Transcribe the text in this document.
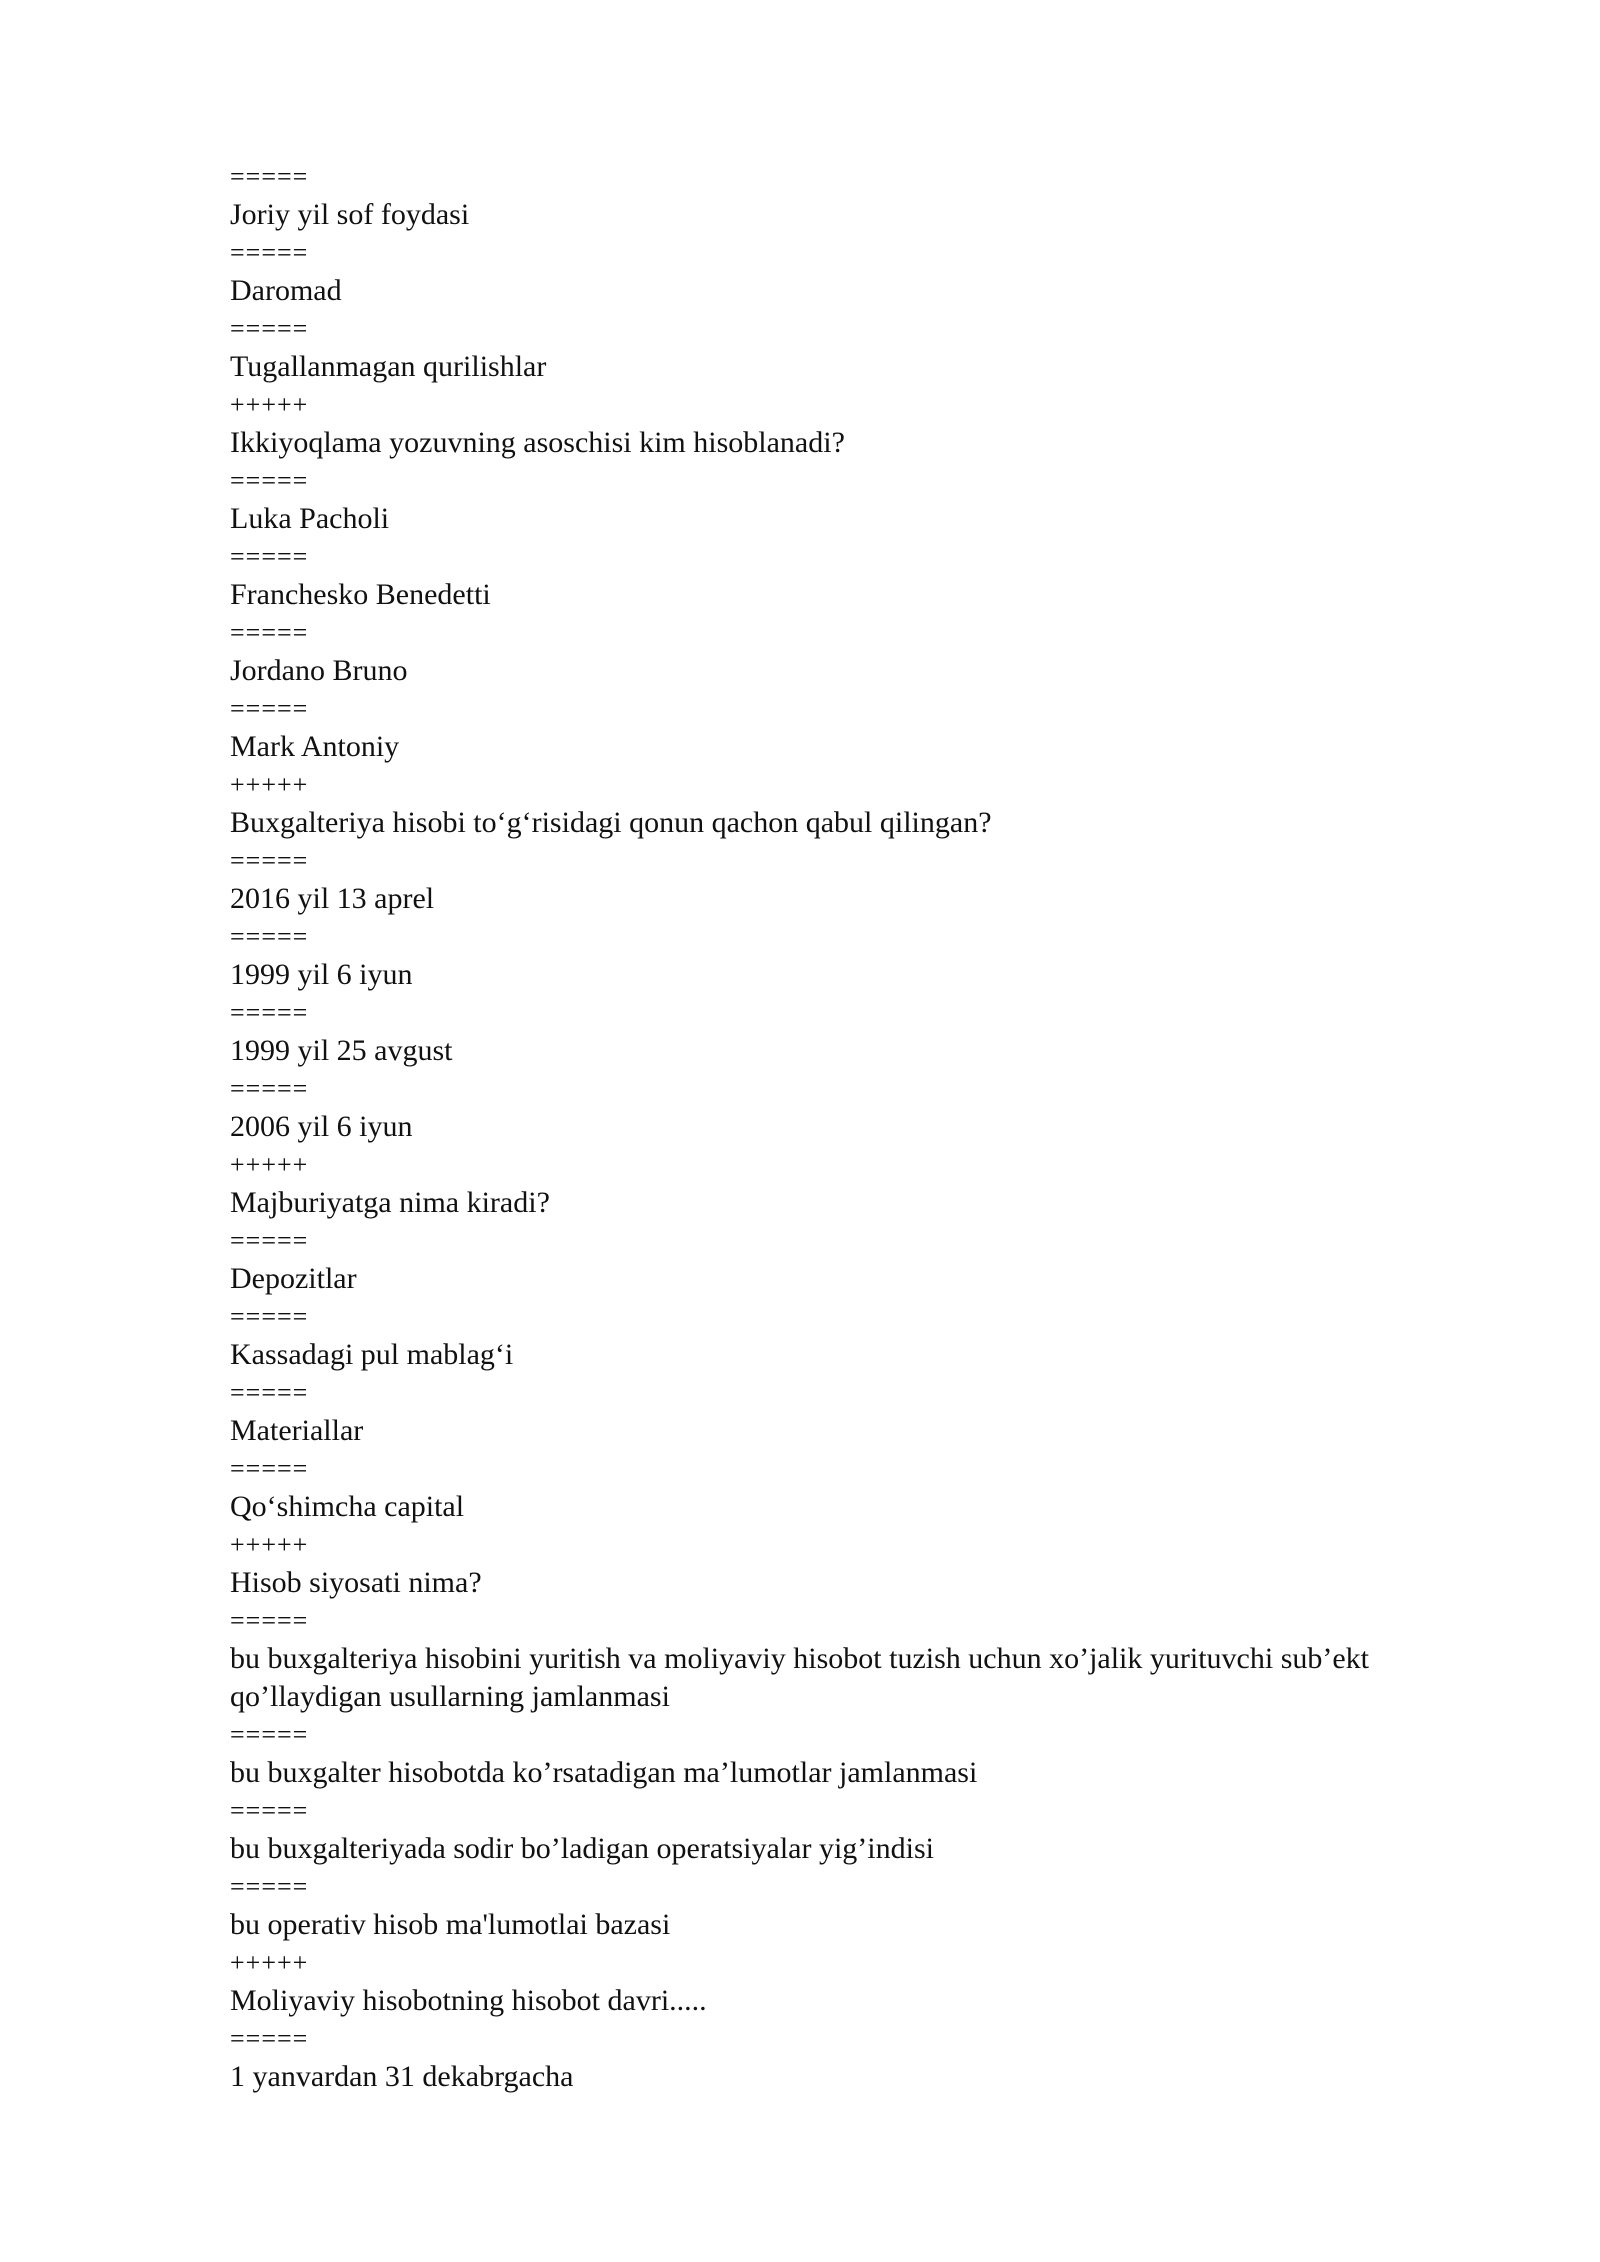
=====
Joriy yil sof foydasi
=====
Daromad
=====
Tugallanmagan qurilishlar
+++++
Ikkiyoqlama yozuvning asoschisi kim hisoblanadi?
=====
Luka Pacholi
=====
Franchesko Benedetti
=====
Jordano Bruno
=====
Mark Antoniy
+++++
Buxgalteriya hisobi to‘g‘risidagi qonun qachon qabul qilingan?
=====
2016 yil 13 aprel
=====
1999 yil 6 iyun
=====
1999 yil 25 avgust
=====
2006 yil 6 iyun
+++++
Majburiyatga nima kiradi?
=====
Depozitlar
=====
Kassadagi pul mablag‘i
=====
Materiallar
=====
Qo‘shimcha capital
+++++
Hisob siyosati nima?
=====
bu buxgalteriya hisobini yuritish va moliyaviy hisobot tuzish uchun xo’jalik yurituvchi sub’ekt qo’llaydigan usullarning jamlanmasi
=====
bu buxgalter hisobotda ko’rsatadigan ma’lumotlar jamlanmasi
=====
bu buxgalteriyada sodir bo’ladigan operatsiyalar yig’indisi
=====
bu operativ hisob ma'lumotlai bazasi
+++++
Moliyaviy hisobotning hisobot davri.....
=====
1 yanvardan 31 dekabrgacha
